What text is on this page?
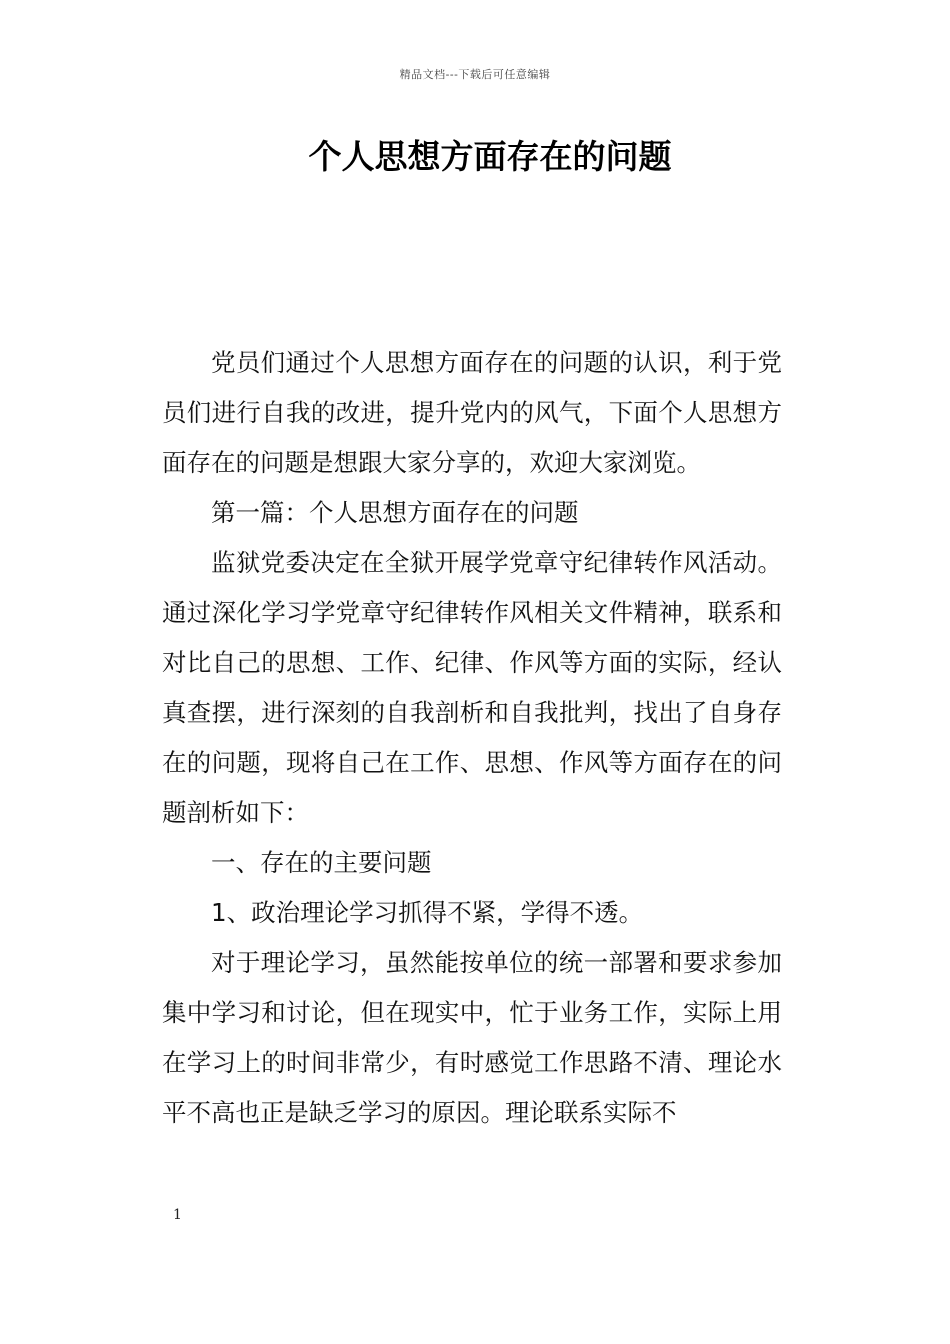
精品文档---下载后可任意编辑
个人思想方面存在的问题

党员们通过个人思想方面存在的问题的认识，利于党员们进行自我的改进，提升党内的风气，下面个人思想方面存在的问题是想跟大家分享的，欢迎大家浏览。

第一篇：个人思想方面存在的问题

监狱党委决定在全狱开展学党章守纪律转作风活动。通过深化学习学党章守纪律转作风相关文件精神，联系和对比自己的思想、工作、纪律、作风等方面的实际，经认真查摆，进行深刻的自我剖析和自我批判，找出了自身存在的问题，现将自己在工作、思想、作风等方面存在的问题剖析如下：

一、存在的主要问题

1、政治理论学习抓得不紧，学得不透。

对于理论学习，虽然能按单位的统一部署和要求参加集中学习和讨论，但在现实中，忙于业务工作，实际上用在学习上的时间非常少，有时感觉工作思路不清、理论水平不高也正是缺乏学习的原因。理论联系实际不

1
